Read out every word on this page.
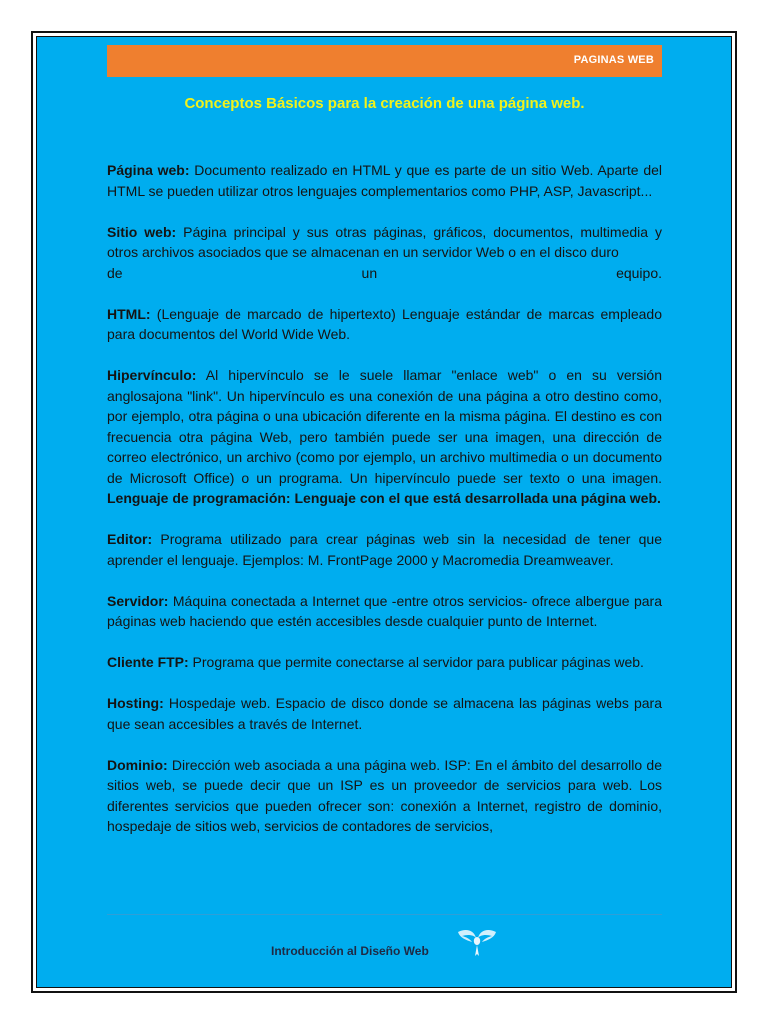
PAGINAS WEB
Conceptos Básicos para la creación de una página web.

Página web: Documento realizado en HTML y que es parte de un sitio Web. Aparte del HTML se pueden utilizar otros lenguajes complementarios como PHP, ASP, Javascript...

Sitio web: Página principal y sus otras páginas, gráficos, documentos, multimedia y otros archivos asociados que se almacenan en un servidor Web o en el disco duro

de	un	equipo.

HTML: (Lenguaje de marcado de hipertexto) Lenguaje estándar de marcas empleado para documentos del World Wide Web.

Hipervínculo: Al hipervínculo se le suele llamar "enlace web" o en su versión anglosajona "link". Un hipervínculo es una conexión de una página a otro destino como, por ejemplo, otra página o una ubicación diferente en la misma página. El destino es con frecuencia otra página Web, pero también puede ser una imagen, una dirección de correo electrónico, un archivo (como por ejemplo, un archivo multimedia o un documento de Microsoft Office) o un programa. Un hipervínculo puede ser texto o una imagen. Lenguaje de programación: Lenguaje con el que está desarrollada una página web.

Editor: Programa utilizado para crear páginas web sin la necesidad de tener que aprender el lenguaje. Ejemplos: M. FrontPage 2000 y Macromedia Dreamweaver.

Servidor: Máquina conectada a Internet que -entre otros servicios- ofrece albergue para páginas web haciendo que estén accesibles desde cualquier punto de Internet.

Cliente FTP: Programa que permite conectarse al servidor para publicar páginas web.

Hosting: Hospedaje web. Espacio de disco donde se almacena las páginas webs para que sean accesibles a través de Internet.

Dominio: Dirección web asociada a una página web. ISP: En el ámbito del desarrollo de sitios web, se puede decir que un ISP es un proveedor de servicios para web. Los diferentes servicios que pueden ofrecer son: conexión a Internet, registro de dominio, hospedaje de sitios web, servicios de contadores de servicios,

Introducción al Diseño Web
